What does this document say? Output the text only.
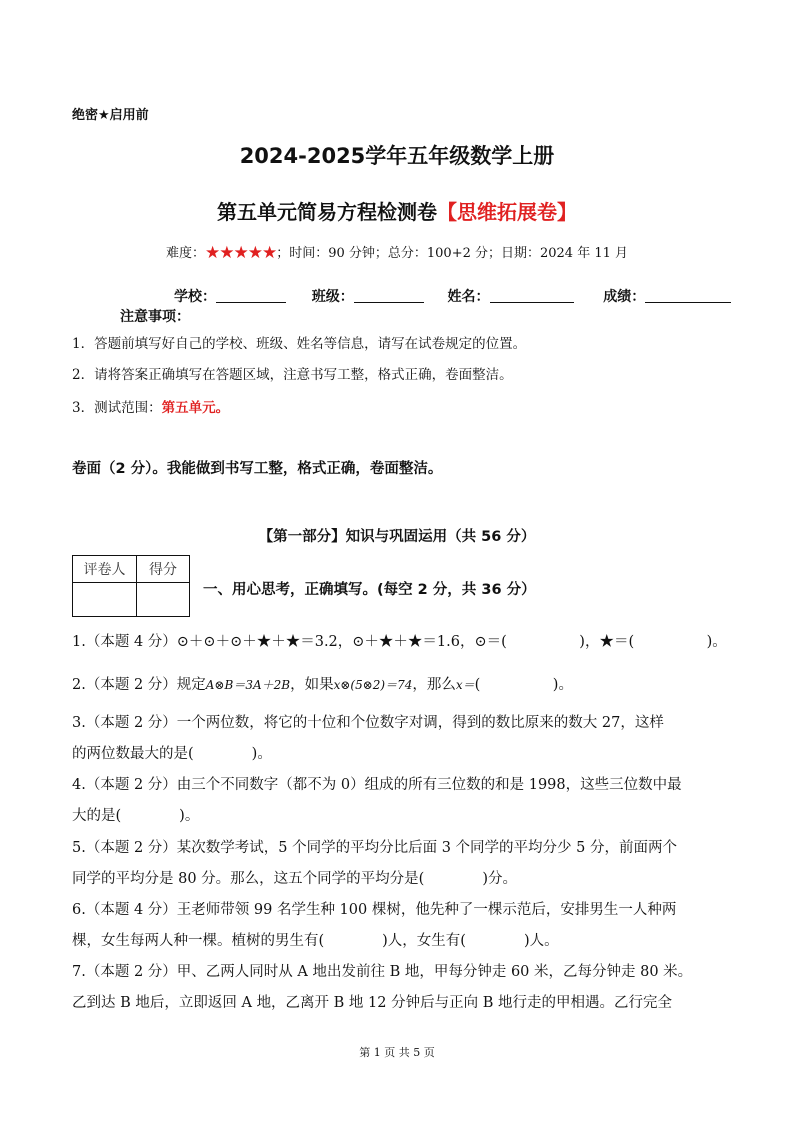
绝密★启用前
2024-2025学年五年级数学上册
第五单元简易方程检测卷【思维拓展卷】
难度：★★★★★；时间：90 分钟；总分：100+2 分；日期：2024 年 11 月
学校：	班级：	姓名：	成绩：
注意事项：
1．答题前填写好自己的学校、班级、姓名等信息，请写在试卷规定的位置。
2．请将答案正确填写在答题区域，注意书写工整，格式正确，卷面整洁。
3．测试范围：第五单元。
卷面（2 分）。我能做到书写工整，格式正确，卷面整洁。
【第一部分】知识与巩固运用（共 56 分）
评卷人	得分

一、用心思考，正确填写。(每空 2 分，共 36 分）
1.（本题 4 分）⊙＋⊙＋⊙＋★＋★＝3.2，⊙＋★＋★＝1.6，⊙＝(　　　　　)，★＝(　　　　　)。
2.（本题 2 分）规定A⊗B＝3A＋2B，如果x⊗(5⊗2)＝74，那么x＝(　　　　　)。
3.（本题 2 分）一个两位数，将它的十位和个位数字对调，得到的数比原来的数大 27，这样
的两位数最大的是(　　　　)。
4.（本题 2 分）由三个不同数字（都不为 0）组成的所有三位数的和是 1998，这些三位数中最
大的是(　　　　)。
5.（本题 2 分）某次数学考试，5 个同学的平均分比后面 3 个同学的平均分少 5 分，前面两个
同学的平均分是 80 分。那么，这五个同学的平均分是(　　　　)分。
6.（本题 4 分）王老师带领 99 名学生种 100 棵树，他先种了一棵示范后，安排男生一人种两
棵，女生每两人种一棵。植树的男生有(　　　　)人，女生有(　　　　)人。
7.（本题 2 分）甲、乙两人同时从 A 地出发前往 B 地，甲每分钟走 60 米，乙每分钟走 80 米。
乙到达 B 地后，立即返回 A 地，乙离开 B 地 12 分钟后与正向 B 地行走的甲相遇。乙行完全
第 1 页 共 5 页
